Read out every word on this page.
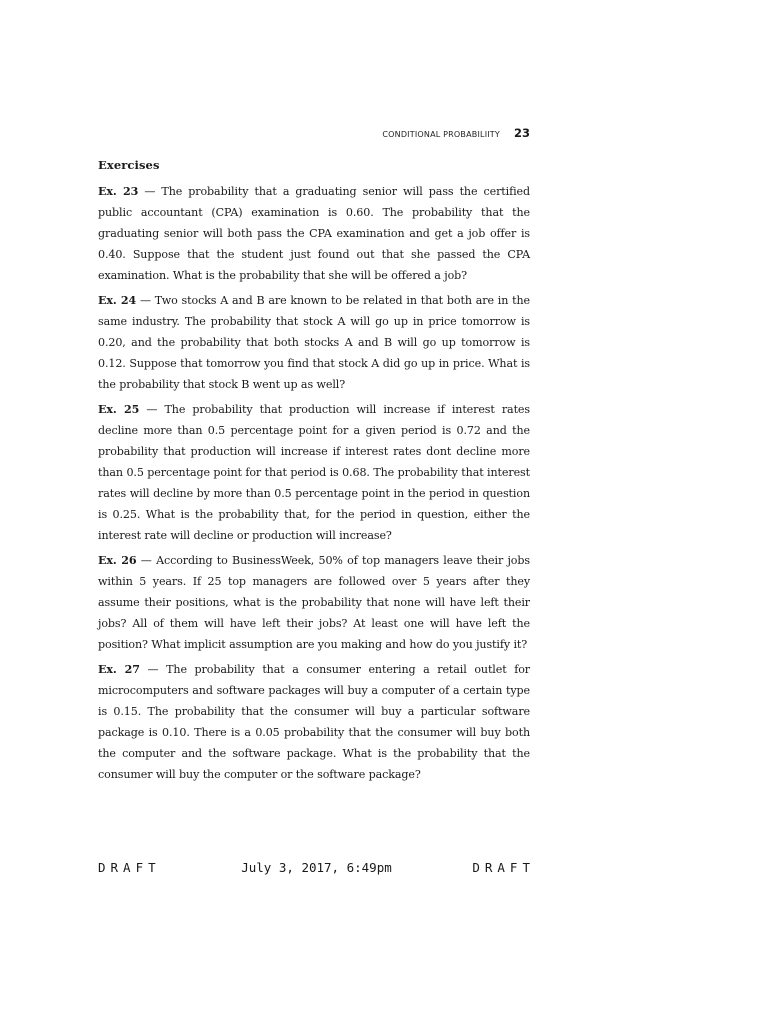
CONDITIONAL PROBABILIITY 23
Exercises

Ex. 23 — The probability that a graduating senior will pass the certified public accountant (CPA) examination is 0.60. The probability that the graduating senior will both pass the CPA examination and get a job offer is 0.40. Suppose that the student just found out that she passed the CPA examination. What is the probability that she will be offered a job?

Ex. 24 — Two stocks A and B are known to be related in that both are in the same industry. The probability that stock A will go up in price tomorrow is 0.20, and the probability that both stocks A and B will go up tomorrow is 0.12. Suppose that tomorrow you find that stock A did go up in price. What is the probability that stock B went up as well?

Ex. 25 — The probability that production will increase if interest rates decline more than 0.5 percentage point for a given period is 0.72 and the probability that production will increase if interest rates dont decline more than 0.5 percentage point for that period is 0.68. The probability that interest rates will decline by more than 0.5 percentage point in the period in question is 0.25. What is the probability that, for the period in question, either the interest rate will decline or production will increase?

Ex. 26 — According to BusinessWeek, 50% of top managers leave their jobs within 5 years. If 25 top managers are followed over 5 years after they assume their positions, what is the probability that none will have left their jobs? All of them will have left their jobs? At least one will have left the position? What implicit assumption are you making and how do you justify it?

Ex. 27 — The probability that a consumer entering a retail outlet for microcomputers and software packages will buy a computer of a certain type is 0.15. The probability that the consumer will buy a particular software package is 0.10. There is a 0.05 probability that the consumer will buy both the computer and the software package. What is the probability that the consumer will buy the computer or the software package?

DRAFT	July 3, 2017, 6:49pm	DRAFT
